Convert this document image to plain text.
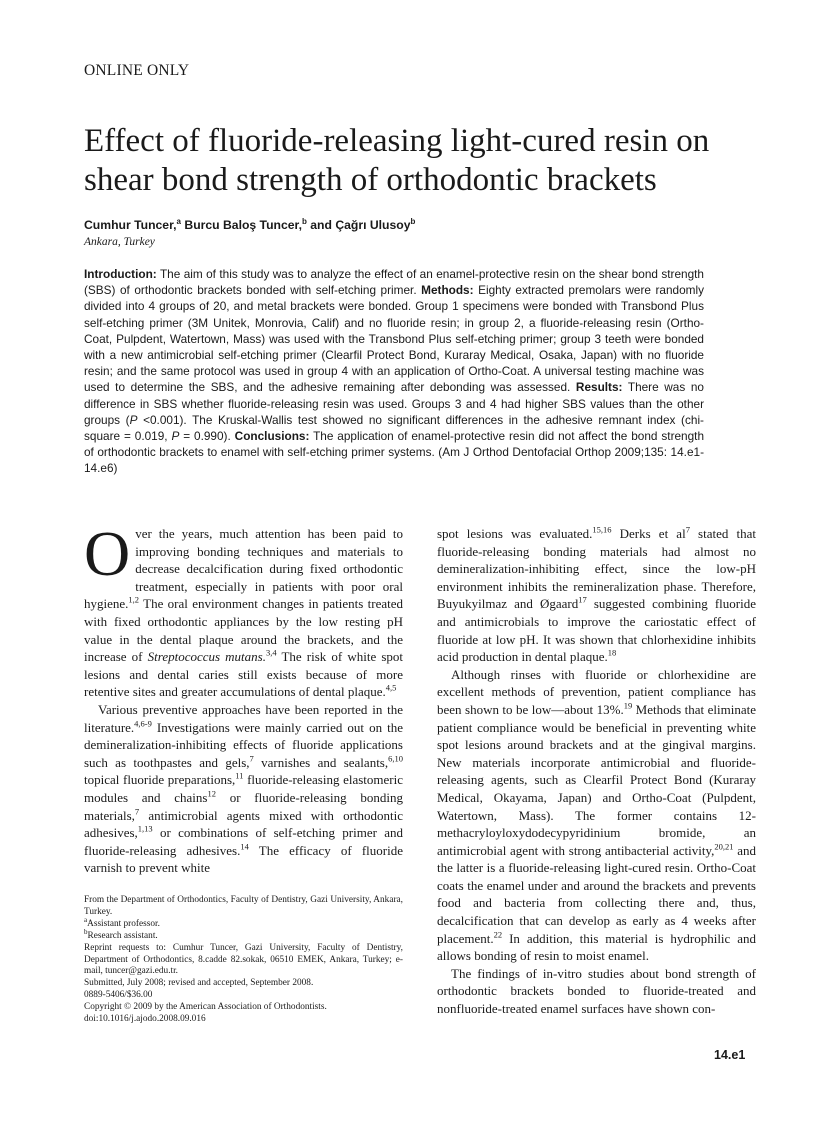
ONLINE ONLY
Effect of fluoride-releasing light-cured resin on shear bond strength of orthodontic brackets
Cumhur Tuncer,$^a$ Burcu Baloş Tuncer,$^b$ and Çağrı Ulusoy$^b$
Ankara, Turkey

Introduction: The aim of this study was to analyze the effect of an enamel-protective resin on the shear bond strength (SBS) of orthodontic brackets bonded with self-etching primer. Methods: Eighty extracted premolars were randomly divided into 4 groups of 20, and metal brackets were bonded. Group 1 specimens were bonded with Transbond Plus self-etching primer (3M Unitek, Monrovia, Calif) and no fluoride resin; in group 2, a fluoride-releasing resin (Ortho-Coat, Pulpdent, Watertown, Mass) was used with the Transbond Plus self-etching primer; group 3 teeth were bonded with a new antimicrobial self-etching primer (Clearfil Protect Bond, Kuraray Medical, Osaka, Japan) with no fluoride resin; and the same protocol was used in group 4 with an application of Ortho-Coat. A universal testing machine was used to determine the SBS, and the adhesive remaining after debonding was assessed. Results: There was no difference in SBS whether fluoride-releasing resin was used. Groups 3 and 4 had higher SBS values than the other groups (P <0.001). The Kruskal-Wallis test showed no significant differences in the adhesive remnant index (chi-square = 0.019, P = 0.990). Conclusions: The application of enamel-protective resin did not affect the bond strength of orthodontic brackets to enamel with self-etching primer systems. (Am J Orthod Dentofacial Orthop 2009;135: 14.e1-14.e6)

Over the years, much attention has been paid to improving bonding techniques and materials to decrease decalcification during fixed orthodontic treatment, especially in patients with poor oral hygiene.$^{1,2}$ The oral environment changes in patients treated with fixed orthodontic appliances by the low resting pH value in the dental plaque around the brackets, and the increase of Streptococcus mutans.$^{3,4}$ The risk of white spot lesions and dental caries still exists because of more retentive sites and greater accumulations of dental plaque.$^{4,5}$

Various preventive approaches have been reported in the literature.$^{4,6-9}$ Investigations were mainly carried out on the demineralization-inhibiting effects of fluoride applications such as toothpastes and gels,$^7$ varnishes and sealants,$^{6,10}$ topical fluoride preparations,$^{11}$ fluoride-releasing elastomeric modules and chains$^{12}$ or fluoride-releasing bonding materials,$^7$ antimicrobial agents mixed with orthodontic adhesives,$^{1,13}$ or combinations of self-etching primer and fluoride-releasing adhesives.$^{14}$ The efficacy of fluoride varnish to prevent white

From the Department of Orthodontics, Faculty of Dentistry, Gazi University, Ankara, Turkey.
$^a$Assistant professor.
$^b$Research assistant.
Reprint requests to: Cumhur Tuncer, Gazi University, Faculty of Dentistry, Department of Orthodontics, 8.cadde 82.sokak, 06510 EMEK, Ankara, Turkey; e-mail, tuncer@gazi.edu.tr.
Submitted, July 2008; revised and accepted, September 2008.
0889-5406/$36.00
Copyright © 2009 by the American Association of Orthodontists.
doi:10.1016/j.ajodo.2008.09.016

spot lesions was evaluated.$^{15,16}$ Derks et $al^7$ stated that fluoride-releasing bonding materials had almost no demineralization-inhibiting effect, since the low-pH environment inhibits the remineralization phase. Therefore, Buyukyilmaz and Øgaard$^{17}$ suggested combining fluoride and antimicrobials to improve the cariostatic effect of fluoride at low pH. It was shown that chlorhexidine inhibits acid production in dental plaque.$^{18}$

Although rinses with fluoride or chlorhexidine are excellent methods of prevention, patient compliance has been shown to be low—about 13%.$^{19}$ Methods that eliminate patient compliance would be beneficial in preventing white spot lesions around brackets and at the gingival margins. New materials incorporate antimicrobial and fluoride-releasing agents, such as Clearfil Protect Bond (Kuraray Medical, Okayama, Japan) and Ortho-Coat (Pulpdent, Watertown, Mass). The former contains 12-methacryloyloxydodecypyridinium bromide, an antimicrobial agent with strong antibacterial activity,$^{20,21}$ and the latter is a fluoride-releasing light-cured resin. Ortho-Coat coats the enamel under and around the brackets and prevents food and bacteria from collecting there and, thus, decalcification that can develop as early as 4 weeks after placement.$^{22}$ In addition, this material is hydrophilic and allows bonding of resin to moist enamel.

The findings of in-vitro studies about bond strength of orthodontic brackets bonded to fluoride-treated and nonfluoride-treated enamel surfaces have shown con-

14.e1
